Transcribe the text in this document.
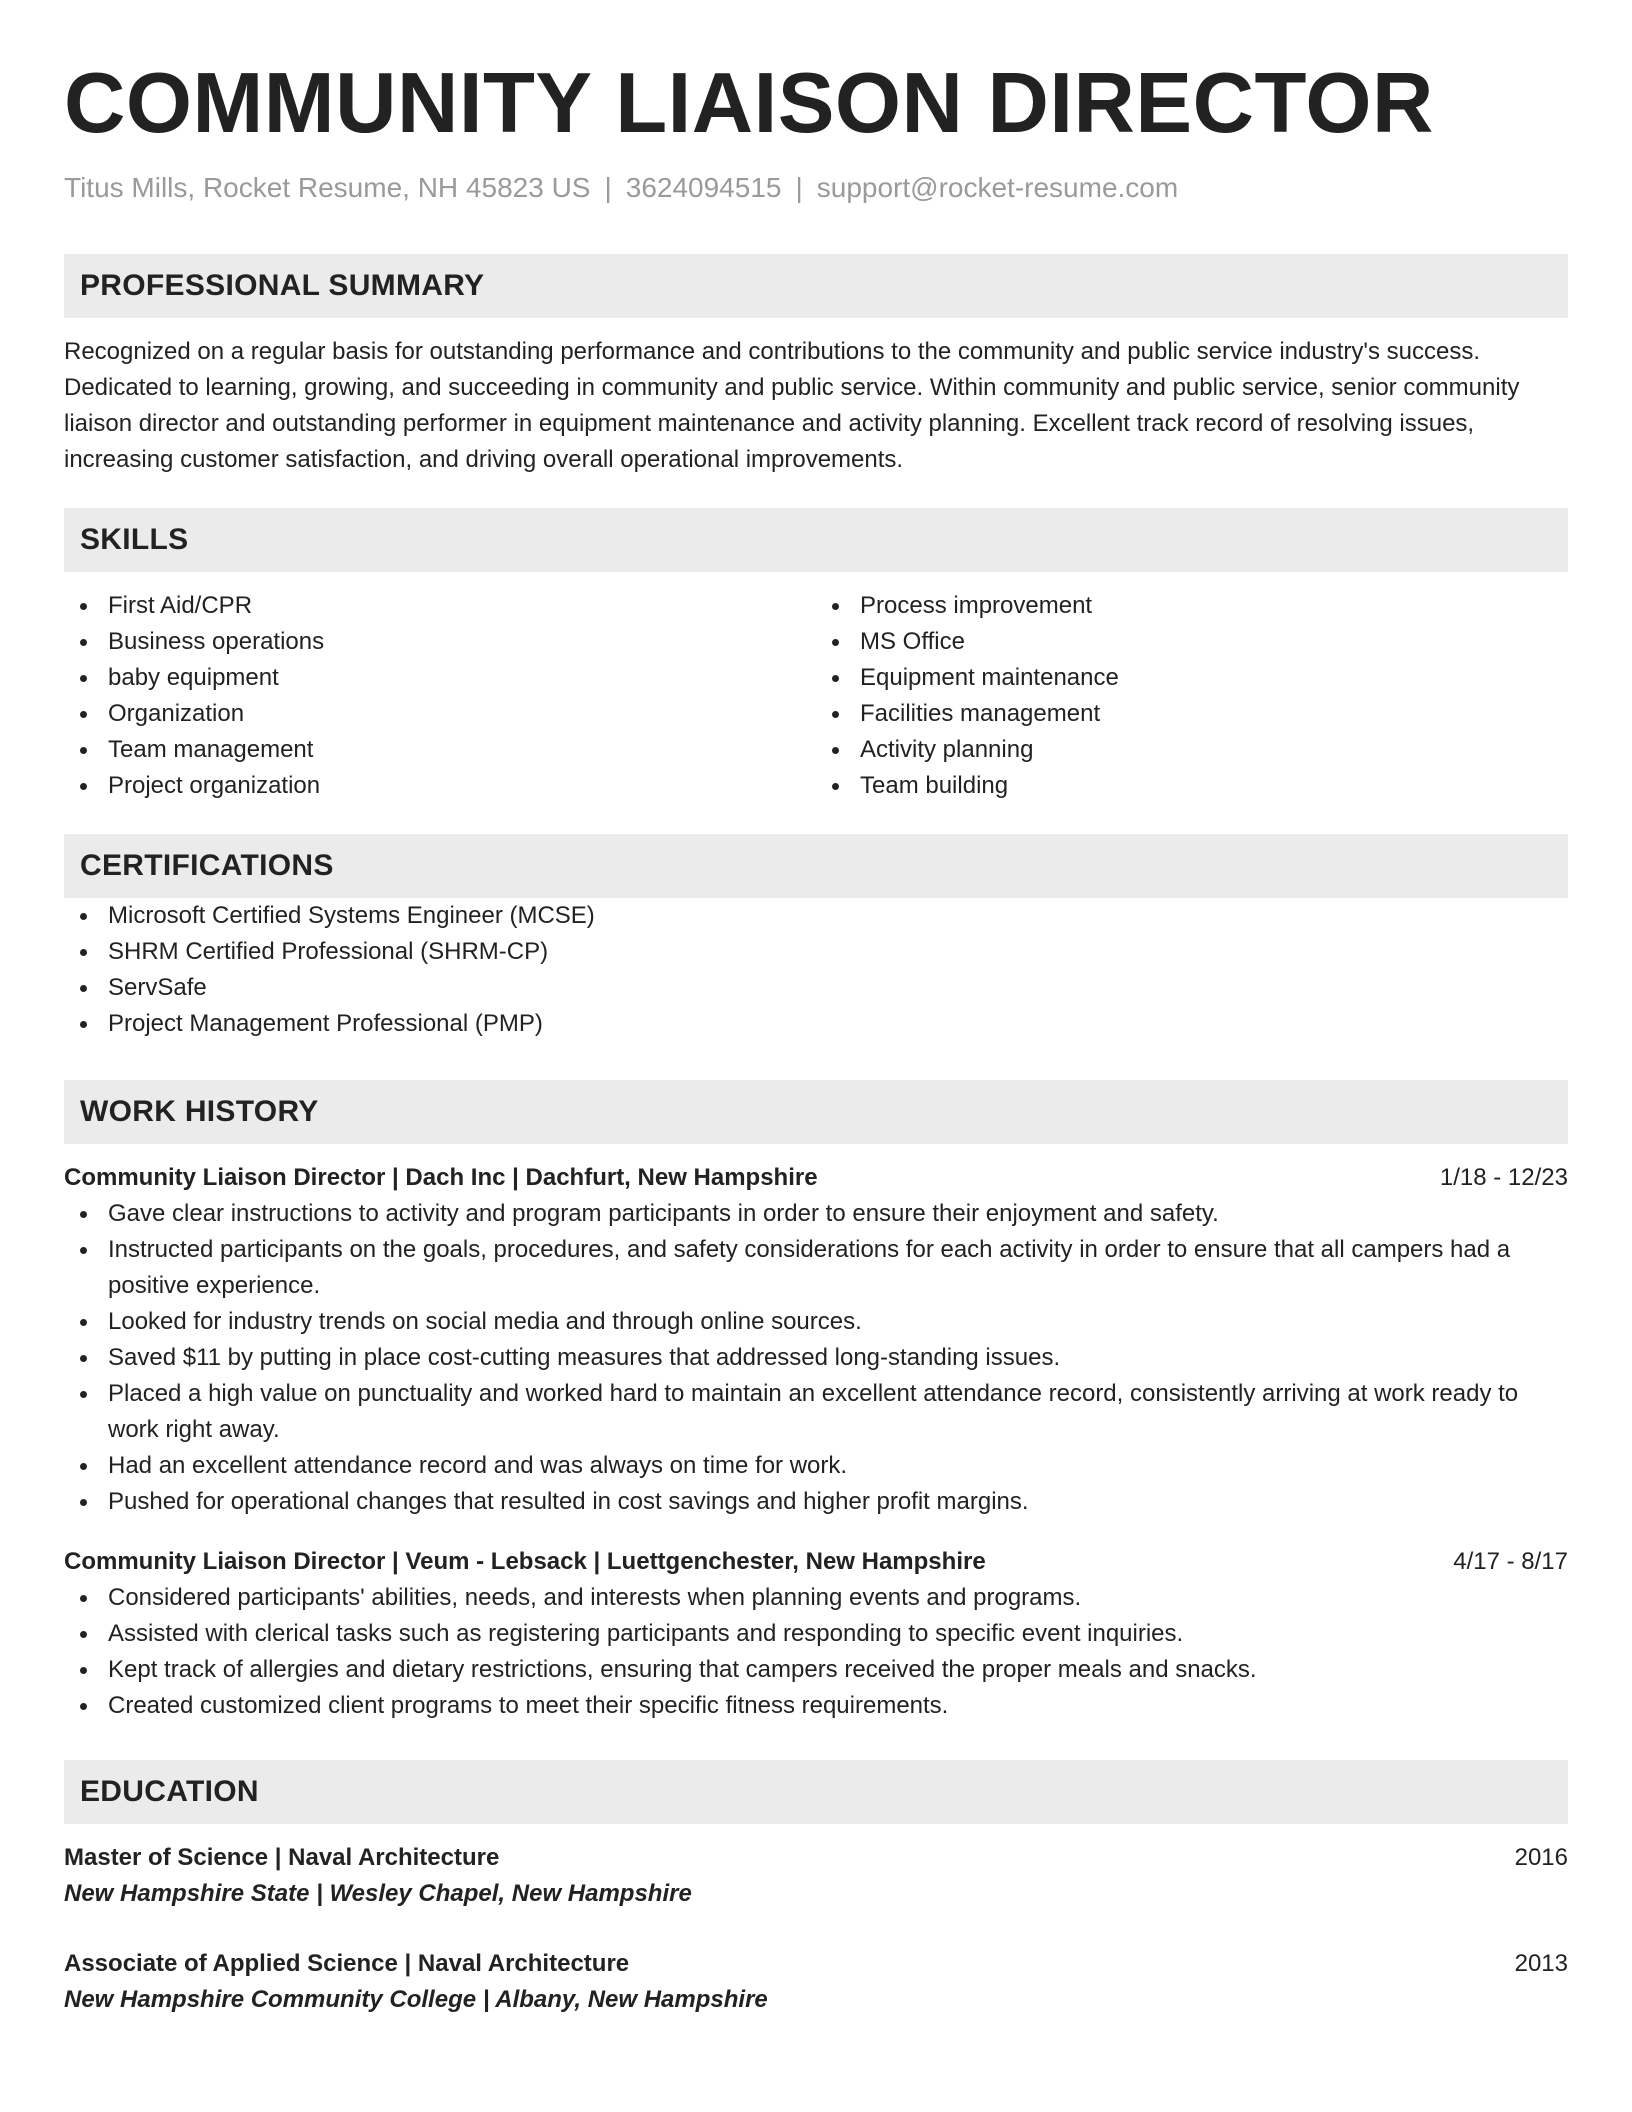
COMMUNITY LIAISON DIRECTOR
Titus Mills, Rocket Resume, NH 45823 US | 3624094515 | support@rocket-resume.com
PROFESSIONAL SUMMARY
Recognized on a regular basis for outstanding performance and contributions to the community and public service industry's success. Dedicated to learning, growing, and succeeding in community and public service. Within community and public service, senior community liaison director and outstanding performer in equipment maintenance and activity planning. Excellent track record of resolving issues, increasing customer satisfaction, and driving overall operational improvements.
SKILLS
First Aid/CPR
Business operations
baby equipment
Organization
Team management
Project organization
Process improvement
MS Office
Equipment maintenance
Facilities management
Activity planning
Team building
CERTIFICATIONS
Microsoft Certified Systems Engineer (MCSE)
SHRM Certified Professional (SHRM-CP)
ServSafe
Project Management Professional (PMP)
WORK HISTORY
Community Liaison Director | Dach Inc | Dachfurt, New Hampshire	1/18 - 12/23
Gave clear instructions to activity and program participants in order to ensure their enjoyment and safety.
Instructed participants on the goals, procedures, and safety considerations for each activity in order to ensure that all campers had a positive experience.
Looked for industry trends on social media and through online sources.
Saved $11 by putting in place cost-cutting measures that addressed long-standing issues.
Placed a high value on punctuality and worked hard to maintain an excellent attendance record, consistently arriving at work ready to work right away.
Had an excellent attendance record and was always on time for work.
Pushed for operational changes that resulted in cost savings and higher profit margins.
Community Liaison Director | Veum - Lebsack | Luettgenchester, New Hampshire	4/17 - 8/17
Considered participants' abilities, needs, and interests when planning events and programs.
Assisted with clerical tasks such as registering participants and responding to specific event inquiries.
Kept track of allergies and dietary restrictions, ensuring that campers received the proper meals and snacks.
Created customized client programs to meet their specific fitness requirements.
EDUCATION
Master of Science | Naval Architecture	2016
New Hampshire State | Wesley Chapel, New Hampshire
Associate of Applied Science | Naval Architecture	2013
New Hampshire Community College | Albany, New Hampshire
